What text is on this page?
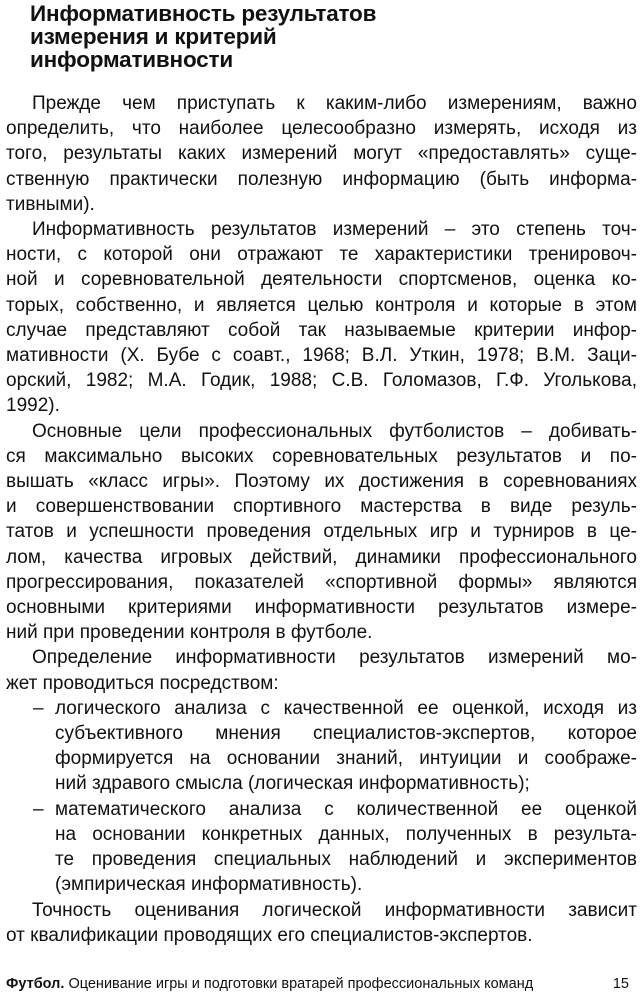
Информативность результатов
измерения и критерий
информативности
Прежде чем приступать к каким-либо измерениям, важно
определить, что наиболее целесообразно измерять, исходя из
того, результаты каких измерений могут «предоставлять» суще-
ственную практически полезную информацию (быть информа-
тивными).
Информативность результатов измерений – это степень точ-
ности, с которой они отражают те характеристики тренировоч-
ной и соревновательной деятельности спортсменов, оценка ко-
торых, собственно, и является целью контроля и которые в этом
случае представляют собой так называемые критерии инфор-
мативности (Х. Бубе с соавт., 1968; В.Л. Уткин, 1978; В.М. Заци-
орский, 1982; М.А. Годик, 1988; С.В. Голомазов, Г.Ф. Уголькова,
1992).
Основные цели профессиональных футболистов – добивать-
ся максимально высоких соревновательных результатов и по-
вышать «класс игры». Поэтому их достижения в соревнованиях
и совершенствовании спортивного мастерства в виде резуль-
татов и успешности проведения отдельных игр и турниров в це-
лом, качества игровых действий, динамики профессионального
прогрессирования, показателей «спортивной формы» являются
основными критериями информативности результатов измере-
ний при проведении контроля в футболе.
Определение информативности результатов измерений мо-
жет проводиться посредством:
– логического анализа с качественной ее оценкой, исходя из
субъективного мнения специалистов-экспертов, которое
формируется на основании знаний, интуиции и соображе-
ний здравого смысла (логическая информативность);
– математического анализа с количественной ее оценкой
на основании конкретных данных, полученных в результа-
те проведения специальных наблюдений и экспериментов
(эмпирическая информативность).
Точность оценивания логической информативности зависит
от квалификации проводящих его специалистов-экспертов.
Футбол. Оценивание игры и подготовки вратарей профессиональных команд	15
